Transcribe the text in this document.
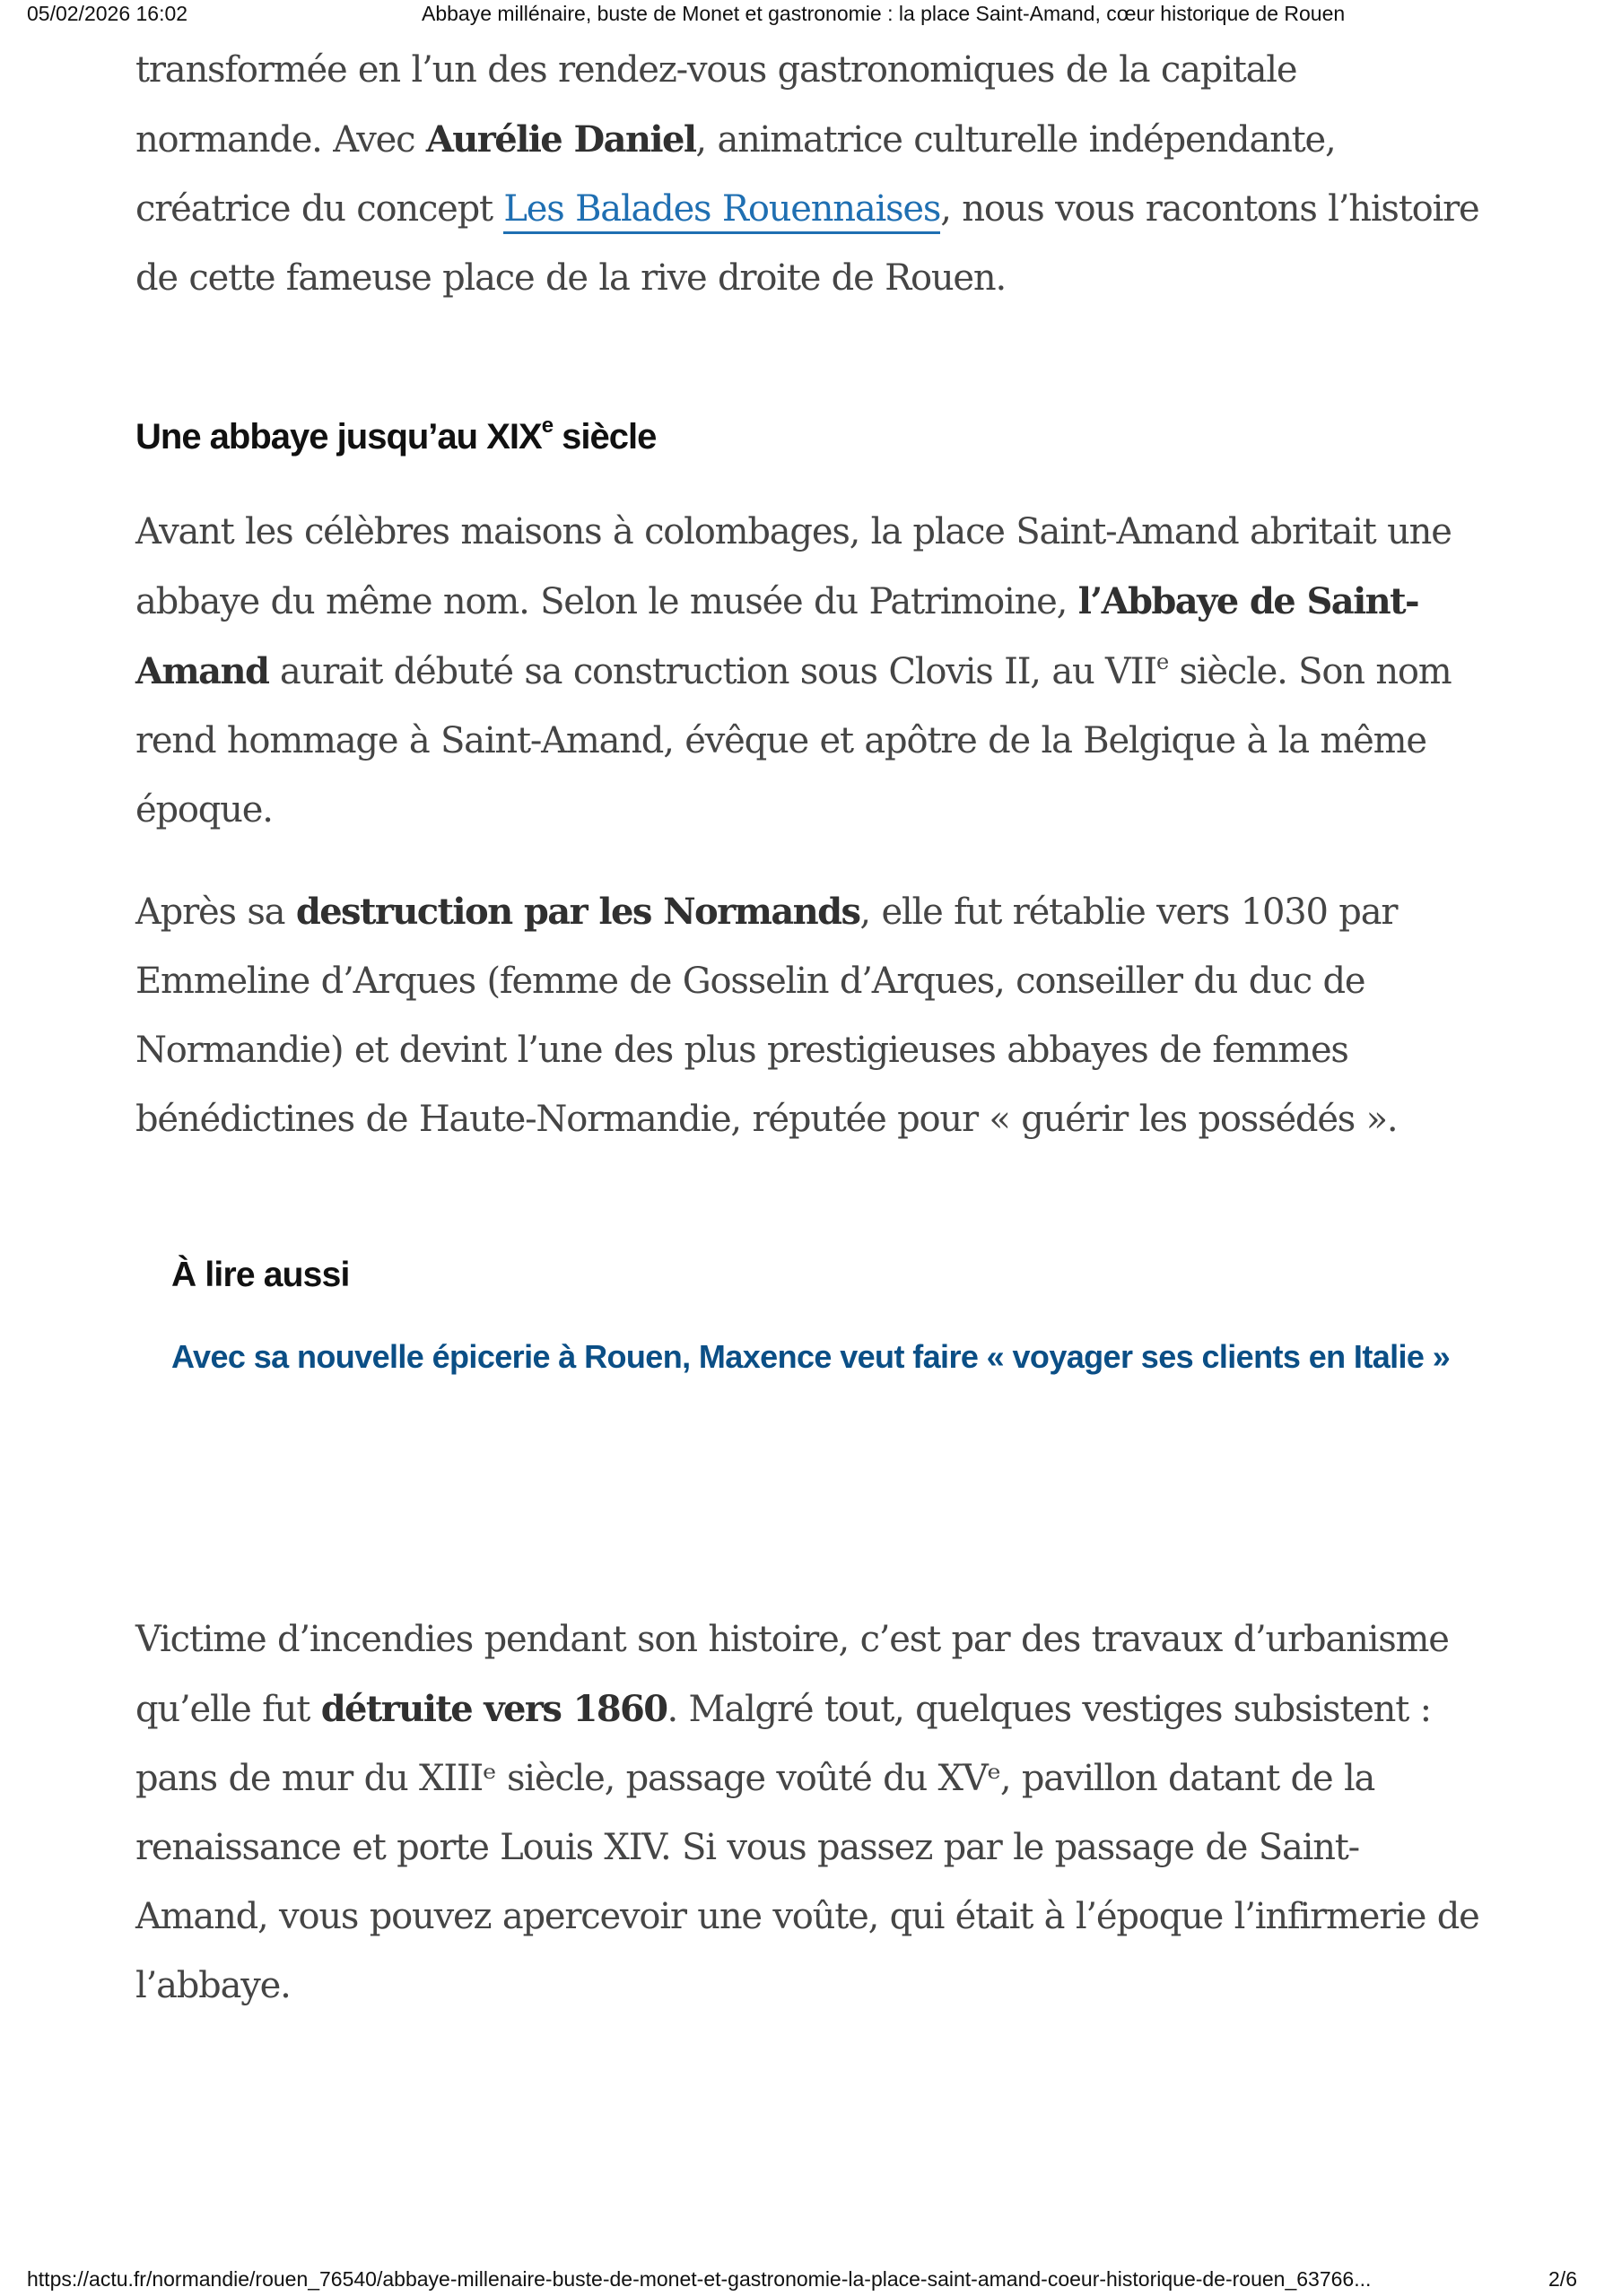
05/02/2026 16:02	Abbaye millénaire, buste de Monet et gastronomie : la place Saint-Amand, cœur historique de Rouen

transformée en l’un des rendez-vous gastronomiques de la capitale normande. Avec Aurélie Daniel, animatrice culturelle indépendante, créatrice du concept Les Balades Rouennaises, nous vous racontons l’histoire de cette fameuse place de la rive droite de Rouen.

Une abbaye jusqu’au XIXe siècle

Avant les célèbres maisons à colombages, la place Saint-Amand abritait une abbaye du même nom. Selon le musée du Patrimoine, l’Abbaye de Saint-Amand aurait débuté sa construction sous Clovis II, au VIIe siècle. Son nom rend hommage à Saint-Amand, évêque et apôtre de la Belgique à la même époque.

Après sa destruction par les Normands, elle fut rétablie vers 1030 par Emmeline d’Arques (femme de Gosselin d’Arques, conseiller du duc de Normandie) et devint l’une des plus prestigieuses abbayes de femmes bénédictines de Haute-Normandie, réputée pour « guérir les possédés ».

À lire aussi
Avec sa nouvelle épicerie à Rouen, Maxence veut faire « voyager ses clients en Italie »

Victime d’incendies pendant son histoire, c’est par des travaux d’urbanisme qu’elle fut détruite vers 1860. Malgré tout, quelques vestiges subsistent : pans de mur du XIIIᵉ siècle, passage voûté du XVᵉ, pavillon datant de la renaissance et porte Louis XIV. Si vous passez par le passage de Saint-Amand, vous pouvez apercevoir une voûte, qui était à l’époque l’infirmerie de l’abbaye.

https://actu.fr/normandie/rouen_76540/abbaye-millenaire-buste-de-monet-et-gastronomie-la-place-saint-amand-coeur-historique-de-rouen_63766...	2/6
